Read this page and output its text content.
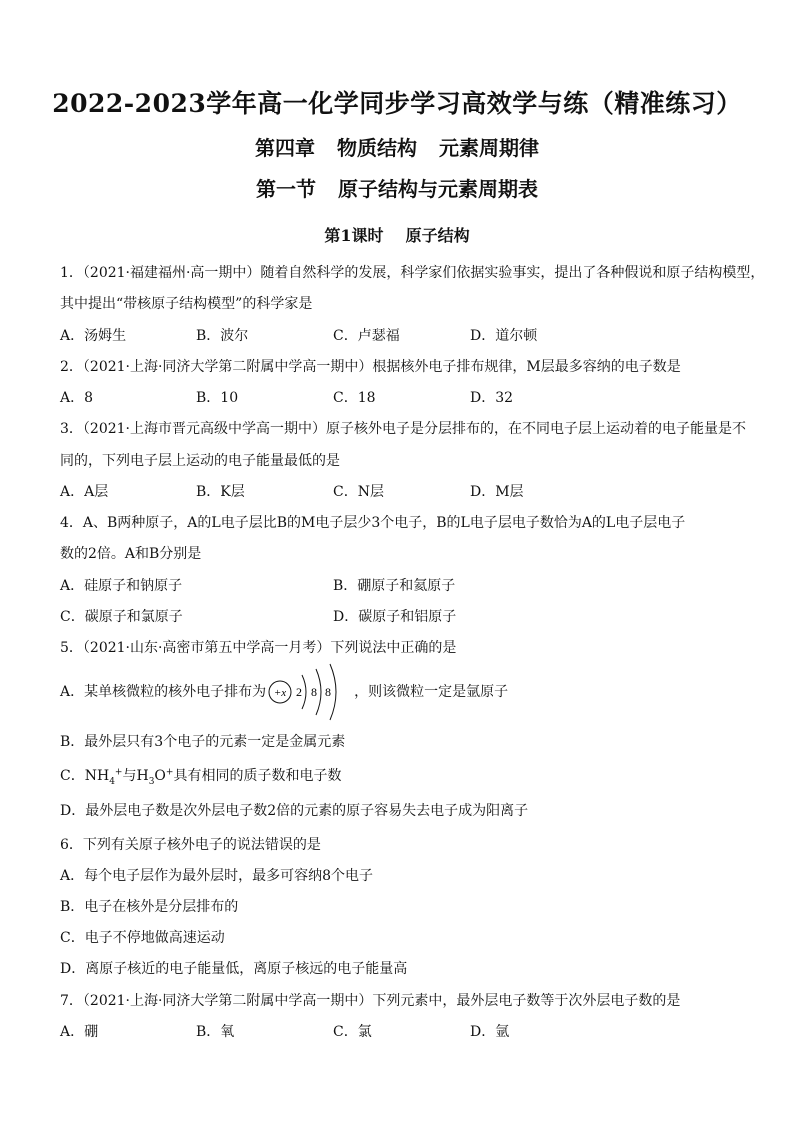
2022-2023学年高一化学同步学习高效学与练（精准练习）
第四章 物质结构 元素周期律
第一节 原子结构与元素周期表
第1课时 原子结构
1．（2021·福建福州·高一期中）随着自然科学的发展，科学家们依据实验事实，提出了各种假说和原子结构模型，
其中提出“带核原子结构模型”的科学家是
A．汤姆生	B．波尔	C．卢瑟福	D．道尔顿
2．（2021·上海·同济大学第二附属中学高一期中）根据核外电子排布规律，M层最多容纳的电子数是
A．8	B．10	C．18	D．32
3．（2021·上海市晋元高级中学高一期中）原子核外电子是分层排布的，在不同电子层上运动着的电子能量是不
同的，下列电子层上运动的电子能量最低的是
A．A层	B．K层	C．N层	D．M层
4．A、B两种原子，A的L电子层比B的M电子层少3个电子，B的L电子层电子数恰为A的L电子层电子
数的2倍。A和B分别是
A．硅原子和钠原子	B．硼原子和氦原子
C．碳原子和氯原子	D．碳原子和铝原子
5．（2021·山东·高密市第五中学高一月考）下列说法中正确的是
A．某单核微粒的核外电子排布为 +x 2 8 8 ，则该微粒一定是氩原子
B．最外层只有3个电子的元素一定是金属元素
C．$NH_4^+$与$H_3O^+$具有相同的质子数和电子数
D．最外层电子数是次外层电子数2倍的元素的原子容易失去电子成为阳离子
6．下列有关原子核外电子的说法错误的是
A．每个电子层作为最外层时，最多可容纳8个电子
B．电子在核外是分层排布的
C．电子不停地做高速运动
D．离原子核近的电子能量低，离原子核远的电子能量高
7．（2021·上海·同济大学第二附属中学高一期中）下列元素中，最外层电子数等于次外层电子数的是
A．硼	B．氧	C．氯	D．氩
